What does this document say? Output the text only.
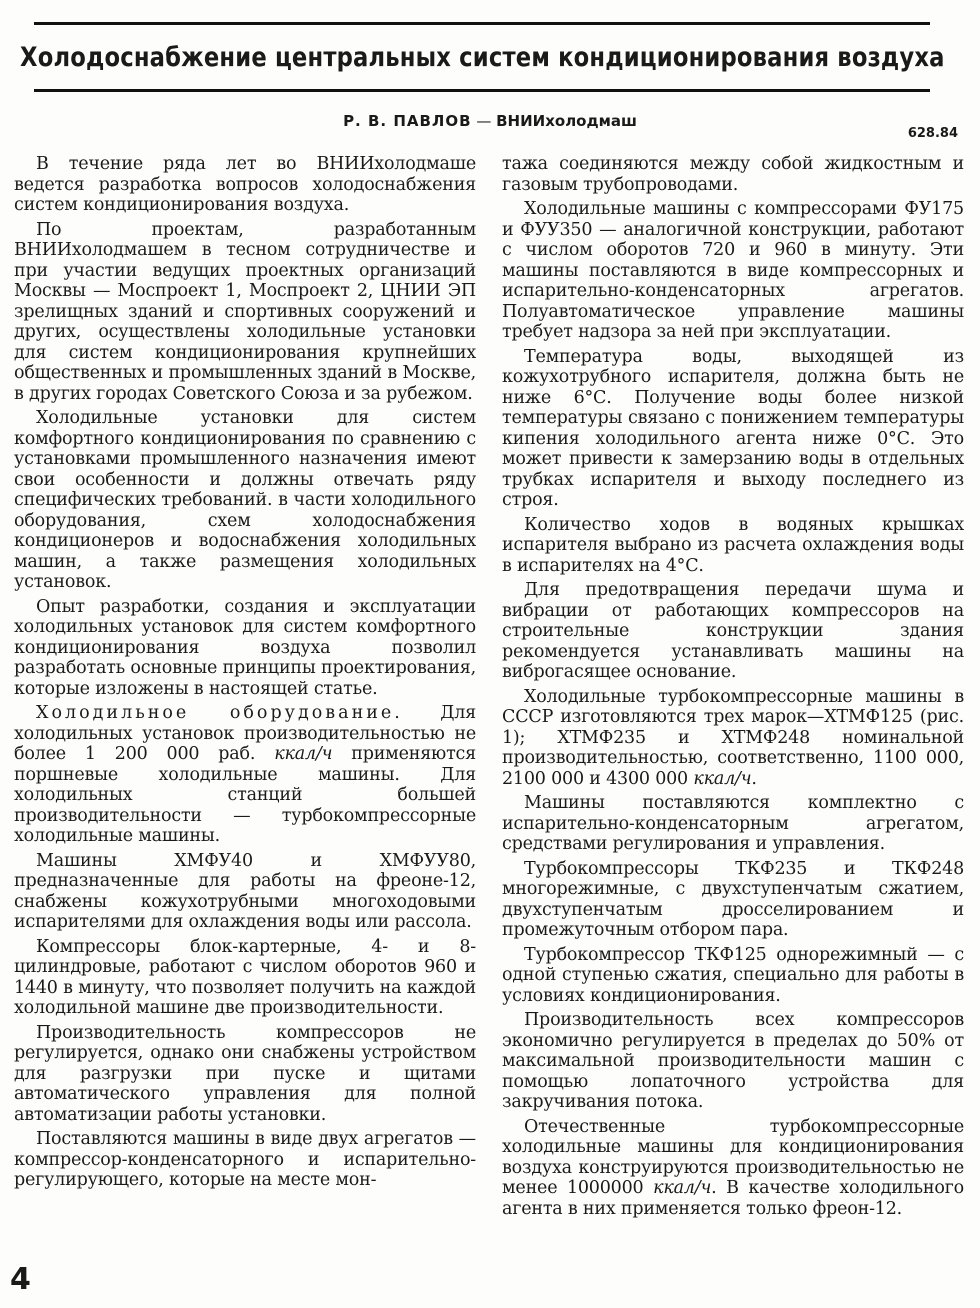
Холодоснабжение центральных систем кондиционирования воздуха
Р. В. ПАВЛОВ — ВНИИхолодмаш
628.84

В течение ряда лет во ВНИИхолодмаше ведется разработка вопросов холодоснабжения систем кондиционирования воздуха.

По проектам, разработанным ВНИИхолодмашем в тесном сотрудничестве и при участии ведущих проектных организаций Москвы — Моспроект 1, Моспроект 2, ЦНИИ ЭП зрелищных зданий и спортивных сооружений и других, осуществлены холодильные установки для систем кондиционирования крупнейших общественных и промышленных зданий в Москве, в других городах Советского Союза и за рубежом.

Холодильные установки для систем комфортного кондиционирования по сравнению с установками промышленного назначения имеют свои особенности и должны отвечать ряду специфических требований. в части холодильного оборудования, схем холодоснабжения кондиционеров и водоснабжения холодильных машин, а также размещения холодильных установок.

Опыт разработки, создания и эксплуатации холодильных установок для систем комфортного кондиционирования воздуха позволил разработать основные принципы проектирования, которые изложены в настоящей статье.

Холодильное оборудование. Для холодильных установок производительностью не более 1 200 000 раб. ккал/ч применяются поршневые холодильные машины. Для холодильных станций большей производительности — турбокомпрессорные холодильные машины.

Машины ХМФУ40 и ХМФУУ80, предназначенные для работы на фреоне-12, снабжены кожухотрубными многоходовыми испарителями для охлаждения воды или рассола.

Компрессоры блок-картерные, 4- и 8-цилиндровые, работают с числом оборотов 960 и 1440 в минуту, что позволяет получить на каждой холодильной машине две производительности.

Производительность компрессоров не регулируется, однако они снабжены устройством для разгрузки при пуске и щитами автоматического управления для полной автоматизации работы установки.

Поставляются машины в виде двух агрегатов — компрессор-конденсаторного и испарительно-регулирующего, которые на месте мон-

тажа соединяются между собой жидкостным и газовым трубопроводами.

Холодильные машины с компрессорами ФУ175 и ФУУ350 — аналогичной конструкции, работают с числом оборотов 720 и 960 в минуту. Эти машины поставляются в виде компрессорных и испарительно-конденсаторных агрегатов. Полуавтоматическое управление машины требует надзора за ней при эксплуатации.

Температура воды, выходящей из кожухотрубного испарителя, должна быть не ниже 6°С. Получение воды более низкой температуры связано с понижением температуры кипения холодильного агента ниже 0°С. Это может привести к замерзанию воды в отдельных трубках испарителя и выходу последнего из строя.

Количество ходов в водяных крышках испарителя выбрано из расчета охлаждения воды в испарителях на 4°С.

Для предотвращения передачи шума и вибрации от работающих компрессоров на строительные конструкции здания рекомендуется устанавливать машины на виброгасящее основание.

Холодильные турбокомпрессорные машины в СССР изготовляются трех марок—ХТМФ125 (рис. 1); ХТМФ235 и ХТМФ248 номинальной производительностью, соответственно, 1100 000, 2100 000 и 4300 000 ккал/ч.

Машины поставляются комплектно с испарительно-конденсаторным агрегатом, средствами регулирования и управления.

Турбокомпрессоры ТКФ235 и ТКФ248 многорежимные, с двухступенчатым сжатием, двухступенчатым дросселированием и промежуточным отбором пара.

Турбокомпрессор ТКФ125 однорежимный — с одной ступенью сжатия, специально для работы в условиях кондиционирования.

Производительность всех компрессоров экономично регулируется в пределах до 50% от максимальной производительности машин с помощью лопаточного устройства для закручивания потока.

Отечественные турбокомпрессорные холодильные машины для кондиционирования воздуха конструируются производительностью не менее 1000000 ккал/ч. В качестве холодильного агента в них применяется только фреон-12.

4
